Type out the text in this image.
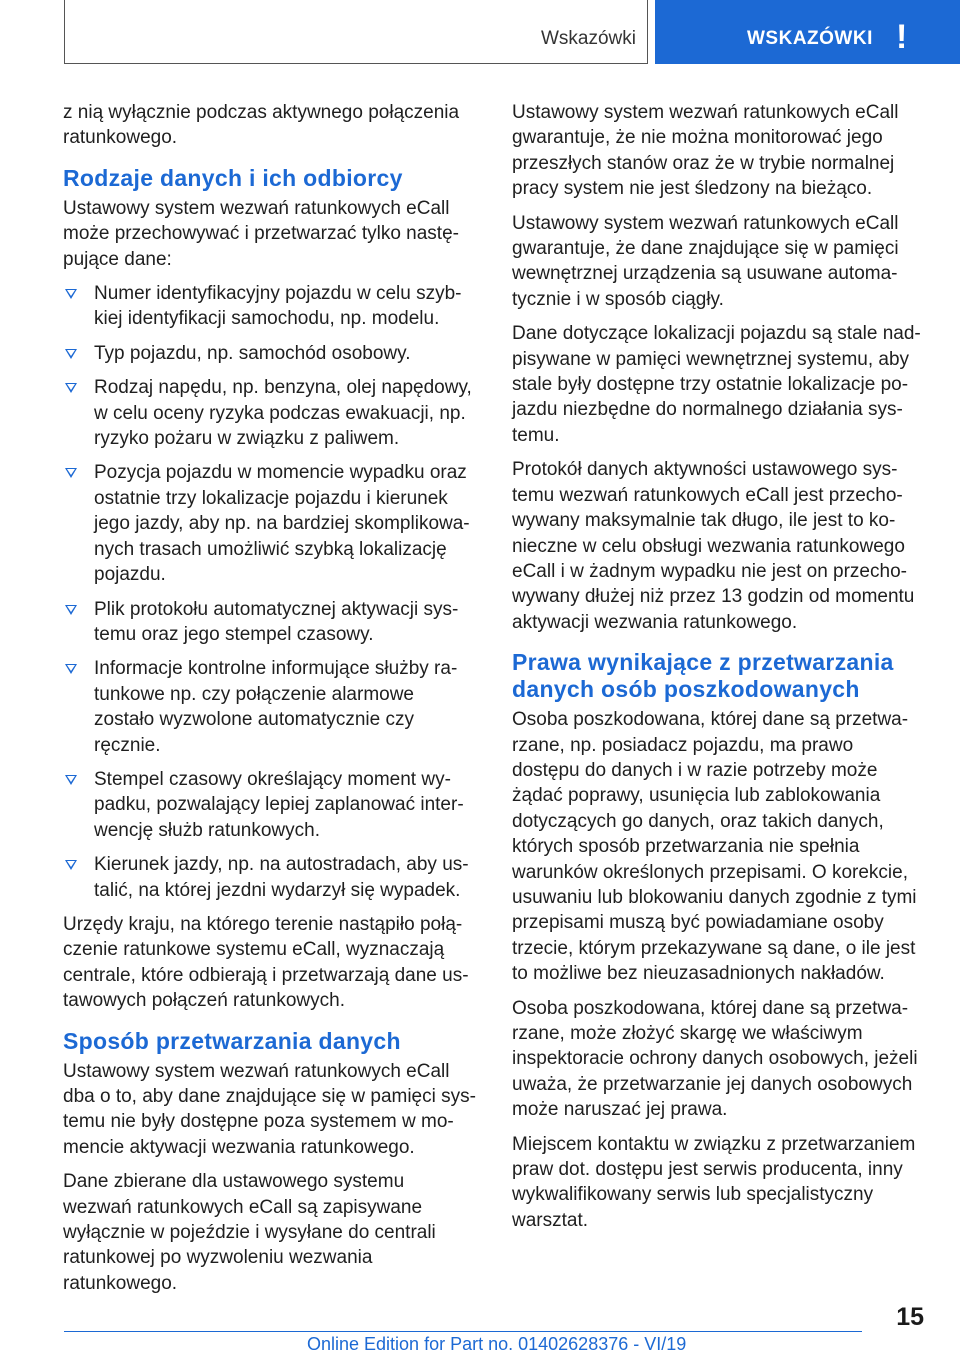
Wskazówki	WSKAZÓWKI !

z nią wyłącznie podczas aktywnego połączenia ratunkowego.

Rodzaje danych i ich odbiorcy

Ustawowy system wezwań ratunkowych eCall może przechowywać i przetwarzać tylko następujące dane:

Numer identyfikacyjny pojazdu w celu szybkiej identyfikacji samochodu, np. modelu.
Typ pojazdu, np. samochód osobowy.
Rodzaj napędu, np. benzyna, olej napędowy, w celu oceny ryzyka podczas ewakuacji, np. ryzyko pożaru w związku z paliwem.
Pozycja pojazdu w momencie wypadku oraz ostatnie trzy lokalizacje pojazdu i kierunek jego jazdy, aby np. na bardziej skomplikowanych trasach umożliwić szybką lokalizację pojazdu.
Plik protokołu automatycznej aktywacji systemu oraz jego stempel czasowy.
Informacje kontrolne informujące służby ratunkowe np. czy połączenie alarmowe zostało wyzwolone automatycznie czy ręcznie.
Stempel czasowy określający moment wypadku, pozwalający lepiej zaplanować interwencję służb ratunkowych.
Kierunek jazdy, np. na autostradach, aby ustalić, na której jezdni wydarzył się wypadek.

Urzędy kraju, na którego terenie nastąpiło połączenie ratunkowe systemu eCall, wyznaczają centrale, które odbierają i przetwarzają dane ustawowych połączeń ratunkowych.

Sposób przetwarzania danych

Ustawowy system wezwań ratunkowych eCall dba o to, aby dane znajdujące się w pamięci systemu nie były dostępne poza systemem w momencie aktywacji wezwania ratunkowego.

Dane zbierane dla ustawowego systemu wezwań ratunkowych eCall są zapisywane wyłącznie w pojeździe i wysyłane do centrali ratunkowej po wyzwoleniu wezwania ratunkowego.

Ustawowy system wezwań ratunkowych eCall gwarantuje, że nie można monitorować jego przeszłych stanów oraz że w trybie normalnej pracy system nie jest śledzony na bieżąco.

Ustawowy system wezwań ratunkowych eCall gwarantuje, że dane znajdujące się w pamięci wewnętrznej urządzenia są usuwane automatycznie i w sposób ciągły.

Dane dotyczące lokalizacji pojazdu są stale nadpisywane w pamięci wewnętrznej systemu, aby stale były dostępne trzy ostatnie lokalizacje pojazdu niezbędne do normalnego działania systemu.

Protokół danych aktywności ustawowego systemu wezwań ratunkowych eCall jest przechowywany maksymalnie tak długo, ile jest to konieczne w celu obsługi wezwania ratunkowego eCall i w żadnym wypadku nie jest on przechowywany dłużej niż przez 13 godzin od momentu aktywacji wezwania ratunkowego.

Prawa wynikające z przetwarzania danych osób poszkodowanych

Osoba poszkodowana, której dane są przetwarzane, np. posiadacz pojazdu, ma prawo dostępu do danych i w razie potrzeby może żądać poprawy, usunięcia lub zablokowania dotyczących go danych, oraz takich danych, których sposób przetwarzania nie spełnia warunków określonych przepisami. O korekcie, usuwaniu lub blokowaniu danych zgodnie z tymi przepisami muszą być powiadamiane osoby trzecie, którym przekazywane są dane, o ile jest to możliwe bez nieuzasadnionych nakładów.

Osoba poszkodowana, której dane są przetwarzane, może złożyć skargę we właściwym inspektoracie ochrony danych osobowych, jeżeli uważa, że przetwarzanie jej danych osobowych może naruszać jej prawa.

Miejscem kontaktu w związku z przetwarzaniem praw dot. dostępu jest serwis producenta, inny wykwalifikowany serwis lub specjalistyczny warsztat.

15
Online Edition for Part no. 01402628376 - VI/19
